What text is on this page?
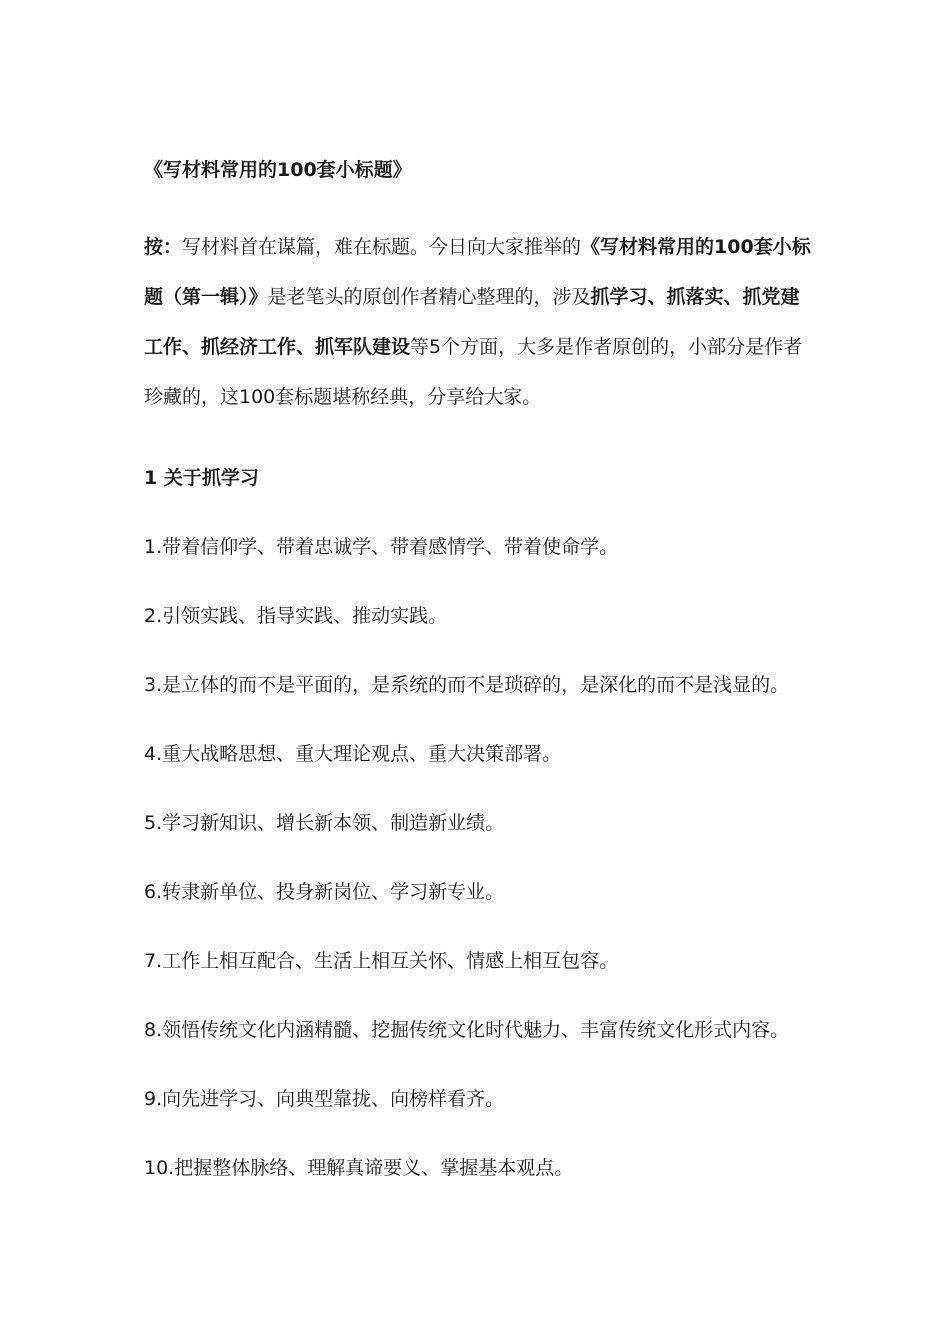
《写材料常用的100套小标题》

按：写材料首在谋篇，难在标题。今日向大家推举的《写材料常用的100套小标题（第一辑）》是老笔头的原创作者精心整理的，涉及抓学习、抓落实、抓党建工作、抓经济工作、抓军队建设等5个方面，大多是作者原创的，小部分是作者珍藏的，这100套标题堪称经典，分享给大家。

1 关于抓学习
1.带着信仰学、带着忠诚学、带着感情学、带着使命学。
2.引领实践、指导实践、推动实践。
3.是立体的而不是平面的，是系统的而不是琐碎的，是深化的而不是浅显的。
4.重大战略思想、重大理论观点、重大决策部署。
5.学习新知识、增长新本领、制造新业绩。
6.转隶新单位、投身新岗位、学习新专业。
7.工作上相互配合、生活上相互关怀、情感上相互包容。
8.领悟传统文化内涵精髓、挖掘传统文化时代魅力、丰富传统文化形式内容。
9.向先进学习、向典型靠拢、向榜样看齐。
10.把握整体脉络、理解真谛要义、掌握基本观点。
